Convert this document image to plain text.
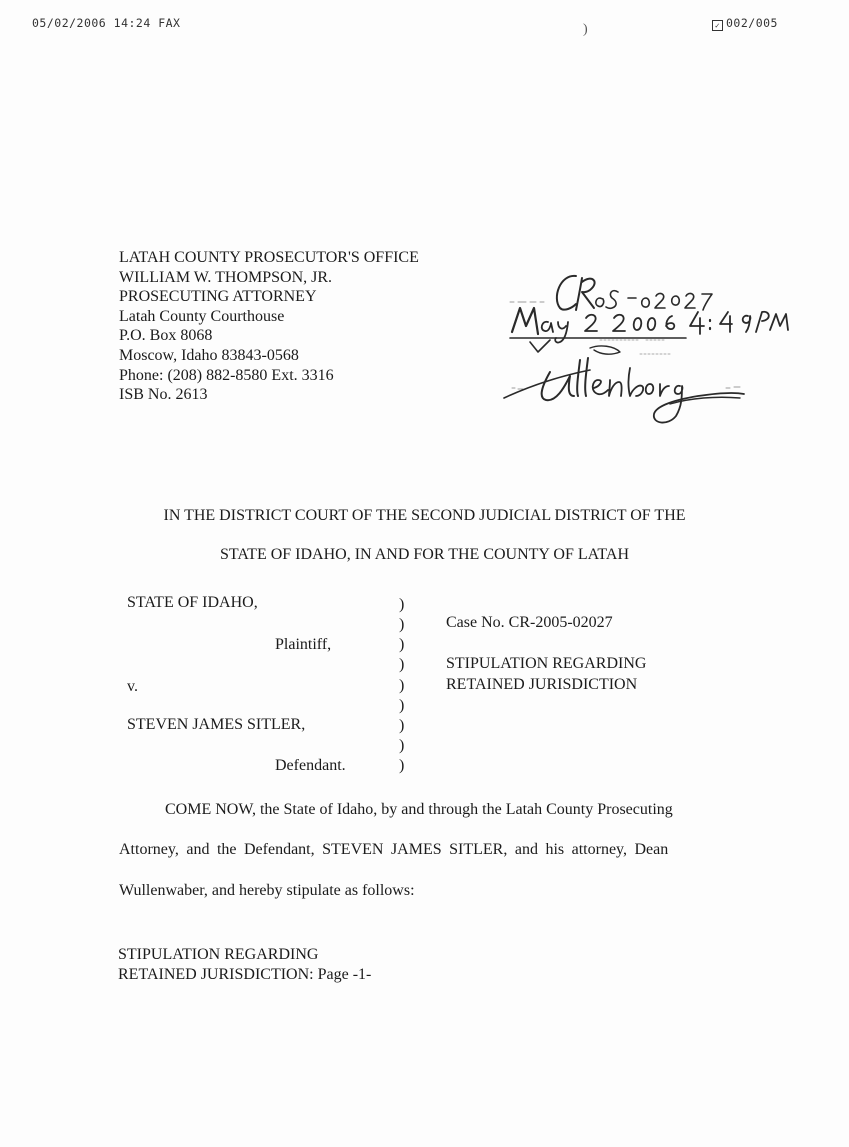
05/02/2006 14:24 FAX	✓ 002/005
)
LATAH COUNTY PROSECUTOR'S OFFICE
WILLIAM W. THOMPSON, JR.
PROSECUTING ATTORNEY
Latah County Courthouse
P.O. Box 8068
Moscow, Idaho 83843-0568
Phone: (208) 882-8580 Ext. 3316
ISB No. 2613
IN THE DISTRICT COURT OF THE SECOND JUDICIAL DISTRICT OF THE
STATE OF IDAHO, IN AND FOR THE COUNTY OF LATAH
STATE OF IDAHO,
Plaintiff,
v.
STEVEN JAMES SITLER,
Defendant.
)
)
)
)
)
)
)
)
)
Case No. CR-2005-02027
STIPULATION REGARDING
RETAINED JURISDICTION
COME NOW, the State of Idaho, by and through the Latah County Prosecuting
Attorney, and the Defendant, STEVEN JAMES SITLER, and his attorney, Dean
Wullenwaber, and hereby stipulate as follows:
STIPULATION REGARDING
RETAINED JURISDICTION: Page -1-
